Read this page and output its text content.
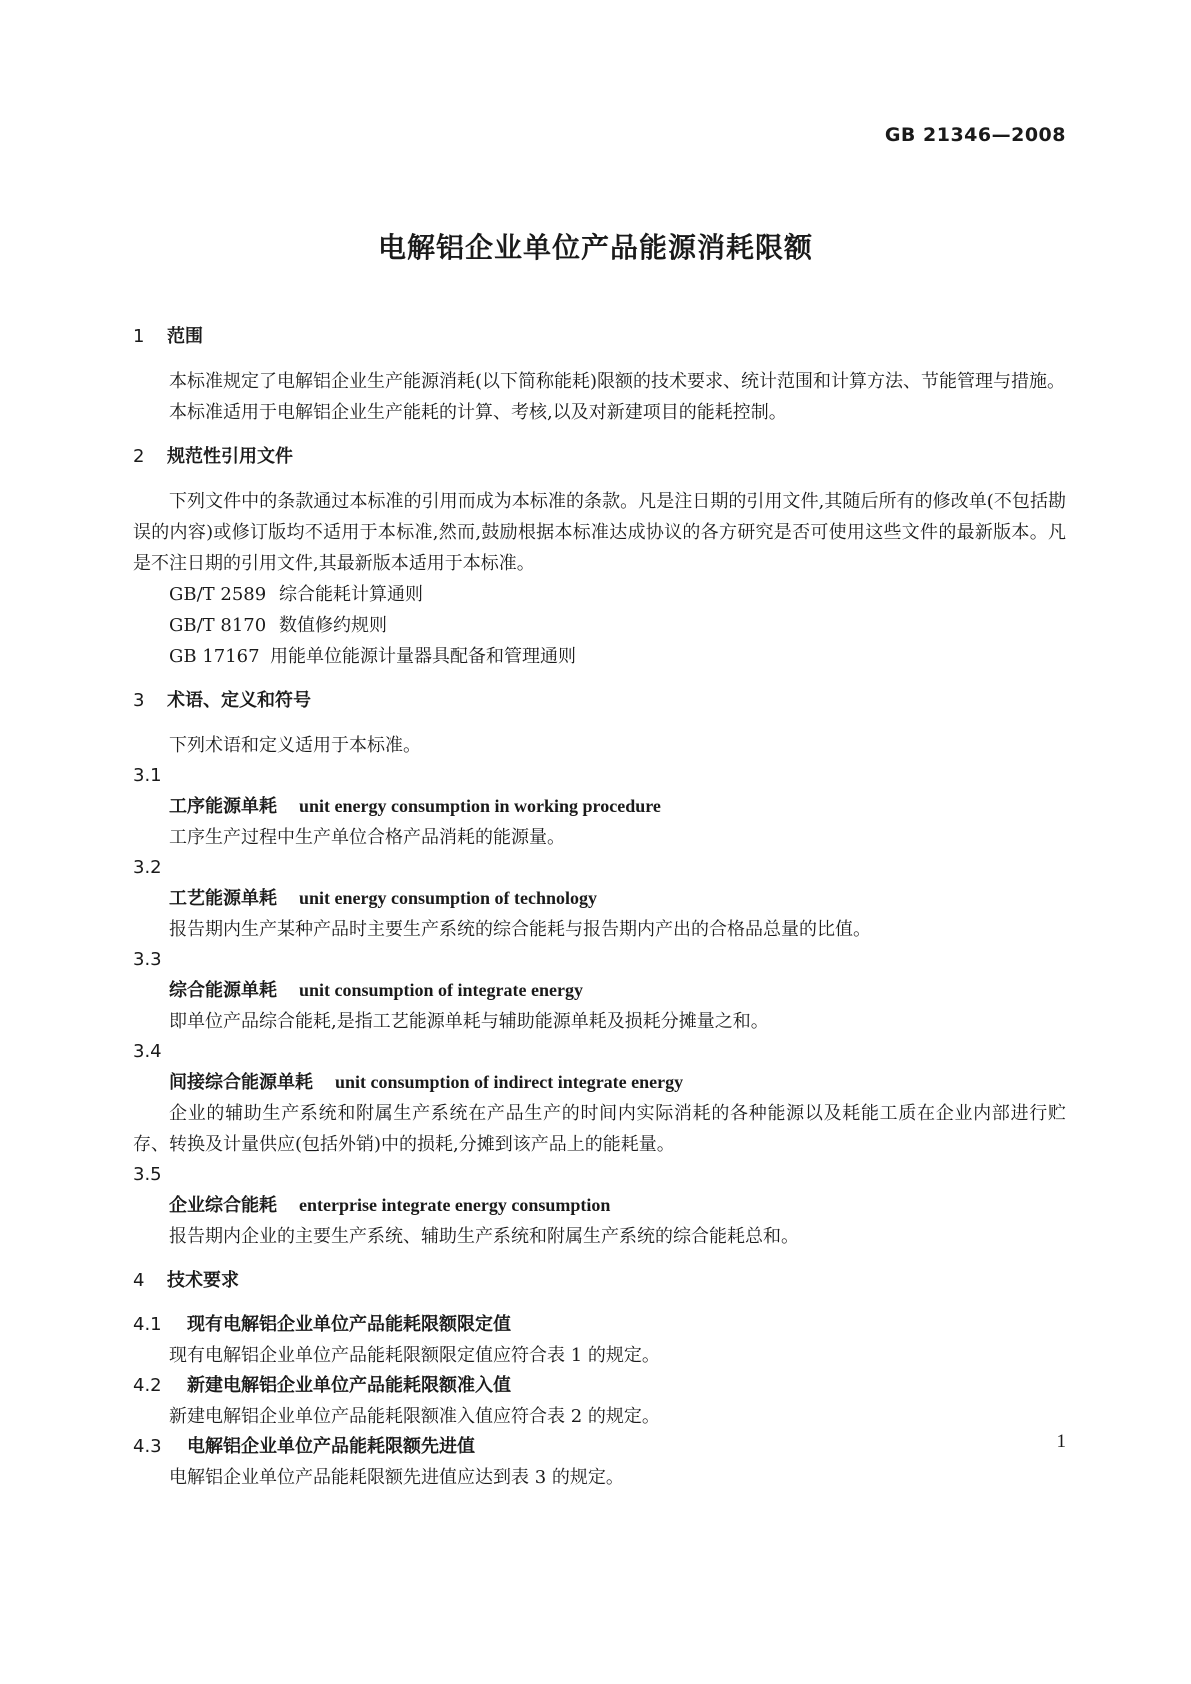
GB 21346—2008
电解铝企业单位产品能源消耗限额
1 范围
本标准规定了电解铝企业生产能源消耗(以下简称能耗)限额的技术要求、统计范围和计算方法、节能管理与措施。
本标准适用于电解铝企业生产能耗的计算、考核,以及对新建项目的能耗控制。
2 规范性引用文件
下列文件中的条款通过本标准的引用而成为本标准的条款。凡是注日期的引用文件,其随后所有的修改单(不包括勘误的内容)或修订版均不适用于本标准,然而,鼓励根据本标准达成协议的各方研究是否可使用这些文件的最新版本。凡是不注日期的引用文件,其最新版本适用于本标准。
GB/T 2589 综合能耗计算通则
GB/T 8170 数值修约规则
GB 17167 用能单位能源计量器具配备和管理通则
3 术语、定义和符号
下列术语和定义适用于本标准。
3.1
工序能源单耗 unit energy consumption in working procedure
工序生产过程中生产单位合格产品消耗的能源量。
3.2
工艺能源单耗 unit energy consumption of technology
报告期内生产某种产品时主要生产系统的综合能耗与报告期内产出的合格品总量的比值。
3.3
综合能源单耗 unit consumption of integrate energy
即单位产品综合能耗,是指工艺能源单耗与辅助能源单耗及损耗分摊量之和。
3.4
间接综合能源单耗 unit consumption of indirect integrate energy
企业的辅助生产系统和附属生产系统在产品生产的时间内实际消耗的各种能源以及耗能工质在企业内部进行贮存、转换及计量供应(包括外销)中的损耗,分摊到该产品上的能耗量。
3.5
企业综合能耗 enterprise integrate energy consumption
报告期内企业的主要生产系统、辅助生产系统和附属生产系统的综合能耗总和。
4 技术要求
4.1 现有电解铝企业单位产品能耗限额限定值
现有电解铝企业单位产品能耗限额限定值应符合表 1 的规定。
4.2 新建电解铝企业单位产品能耗限额准入值
新建电解铝企业单位产品能耗限额准入值应符合表 2 的规定。
4.3 电解铝企业单位产品能耗限额先进值
电解铝企业单位产品能耗限额先进值应达到表 3 的规定。
1
